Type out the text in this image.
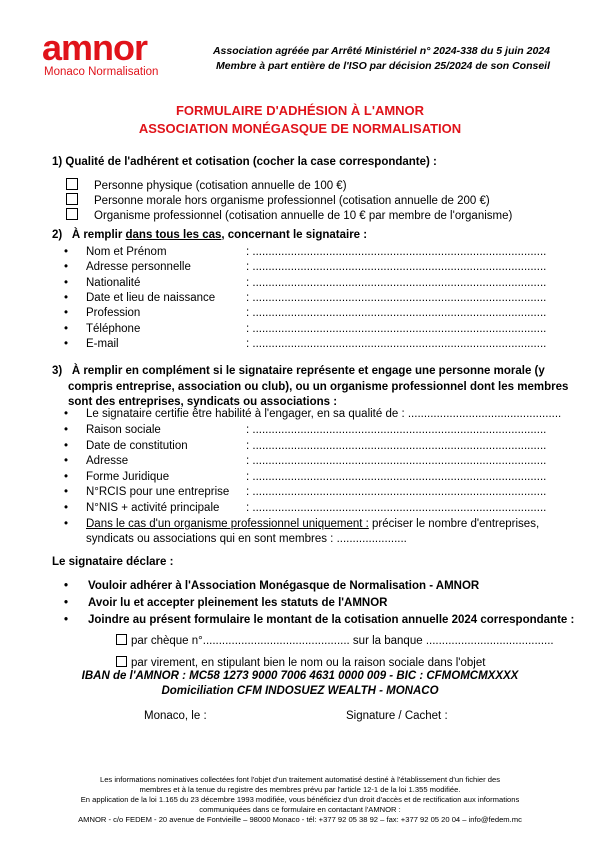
amnor
Monaco Normalisation
Association agréée par Arrêté Ministériel n° 2024-338 du 5 juin 2024
Membre à part entière de l'ISO par décision 25/2024 de son Conseil
FORMULAIRE D'ADHÉSION À L'AMNOR
ASSOCIATION MONÉGASQUE DE NORMALISATION
1) Qualité de l'adhérent et cotisation (cocher la case correspondante) :
Personne physique (cotisation annuelle de 100 €)
Personne morale hors organisme professionnel (cotisation annuelle de 200 €)
Organisme professionnel (cotisation annuelle de 10 € par membre de l'organisme)
2) À remplir dans tous les cas, concernant le signataire :
• Nom et Prénom	: ............................................................................................
• Adresse personnelle	: ............................................................................................
• Nationalité	: ............................................................................................
• Date et lieu de naissance	: ............................................................................................
• Profession	: ............................................................................................
• Téléphone	: ............................................................................................
• E-mail	: ............................................................................................
3) À remplir en complément si le signataire représente et engage une personne morale (y
compris entreprise, association ou club), ou un organisme professionnel dont les membres
sont des entreprises, syndicats ou associations :
• Le signataire certifie être habilité à l'engager, en sa qualité de : ................................................
• Raison sociale	: ............................................................................................
• Date de constitution	: ............................................................................................
• Adresse	: ............................................................................................
• Forme Juridique	: ............................................................................................
• N°RCIS pour une entreprise : ............................................................................................
• N°NIS + activité principale : ............................................................................................
• Dans le cas d'un organisme professionnel uniquement : préciser le nombre d'entreprises,
syndicats ou associations qui en sont membres : ......................
Le signataire déclare :
• Vouloir adhérer à l'Association Monégasque de Normalisation - AMNOR
• Avoir lu et accepter pleinement les statuts de l'AMNOR
• Joindre au présent formulaire le montant de la cotisation annuelle 2024 correspondante :
par chèque n°.............................................. sur la banque ........................................
par virement, en stipulant bien le nom ou la raison sociale dans l'objet
IBAN de l'AMNOR : MC58 1273 9000 7006 4631 0000 009 - BIC : CFMOMCMXXXX
Domiciliation CFM INDOSUEZ WEALTH - MONACO
Monaco, le :	Signature / Cachet :
Les informations nominatives collectées font l'objet d'un traitement automatisé destiné à l'établissement d'un fichier des
membres et à la tenue du registre des membres prévu par l'article 12-1 de la loi 1.355 modifiée.
En application de la loi 1.165 du 23 décembre 1993 modifiée, vous bénéficiez d'un droit d'accès et de rectification aux informations
communiquées dans ce formulaire en contactant l'AMNOR :
AMNOR - c/o FEDEM - 20 avenue de Fontvieille – 98000 Monaco - tél: +377 92 05 38 92 – fax: +377 92 05 20 04 – info@fedem.mc
